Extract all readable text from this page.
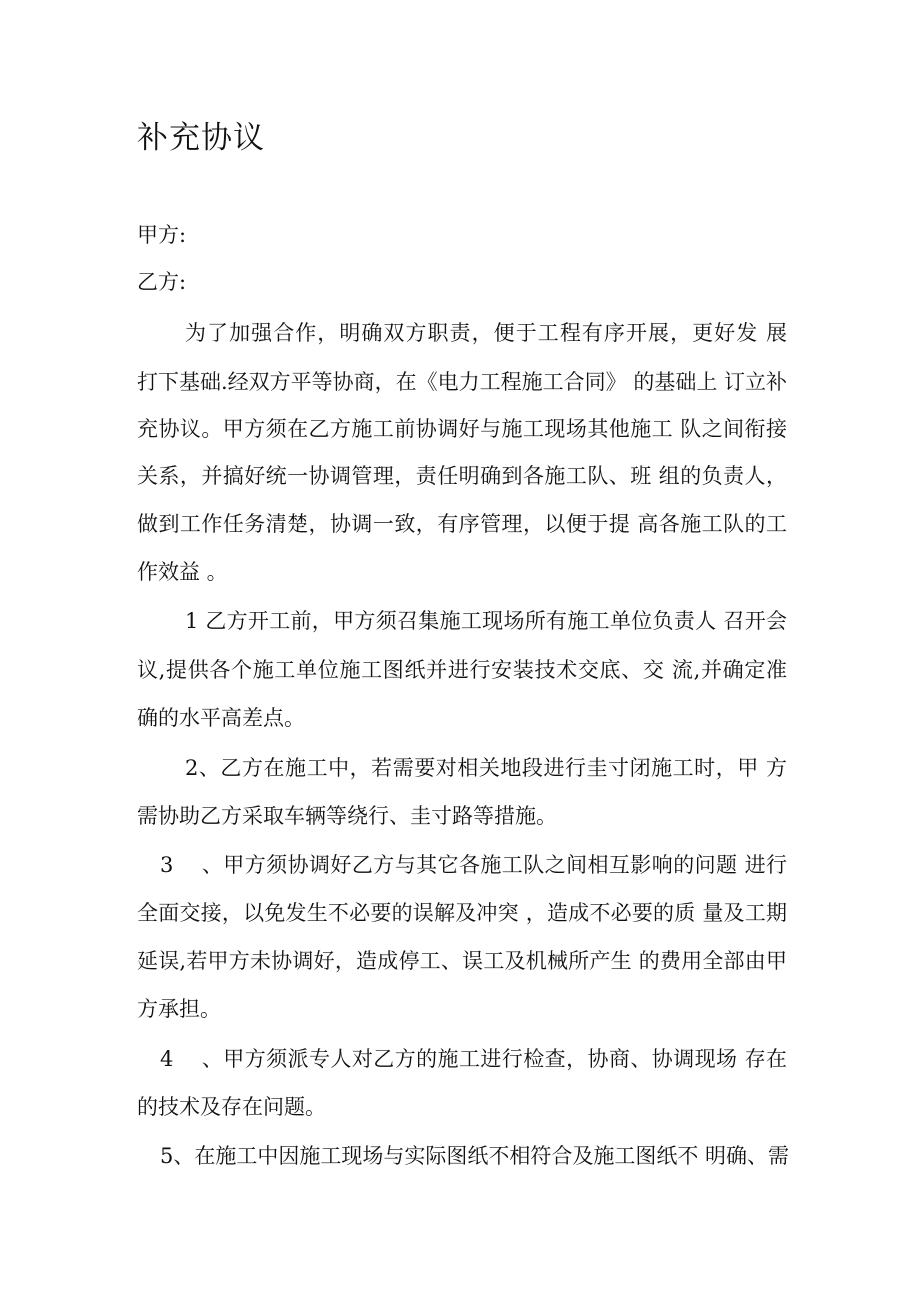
补充协议
甲方:
乙方:
为了加强合作，明确双方职责，便于工程有序开展，更好发 展
打下基础.经双方平等协商，在《电力工程施工合同》 的基础上 订立补
充协议。甲方须在乙方施工前协调好与施工现场其他施工 队之间衔接
关系，并搞好统一协调管理，责任明确到各施工队、班 组的负责人，
做到工作任务清楚，协调一致，有序管理，以便于提 高各施工队的工
作效益 。
1 乙方开工前，甲方须召集施工现场所有施工单位负责人 召开会
议,提供各个施工单位施工图纸并进行安装技术交底、交 流,并确定准
确的水平高差点。
2、乙方在施工中，若需要对相关地段进行圭寸闭施工时，甲 方
需协助乙方采取车辆等绕行、圭寸路等措施。
3 　、甲方须协调好乙方与其它各施工队之间相互影响的问题 进行
全面交接，以免发生不必要的误解及冲突 ，造成不必要的质 量及工期
延误,若甲方未协调好，造成停工、误工及机械所产生 的费用全部由甲
方承担。
4 　、甲方须派专人对乙方的施工进行检查，协商、协调现场 存在
的技术及存在问题。
5、在施工中因施工现场与实际图纸不相符合及施工图纸不 明确、需
